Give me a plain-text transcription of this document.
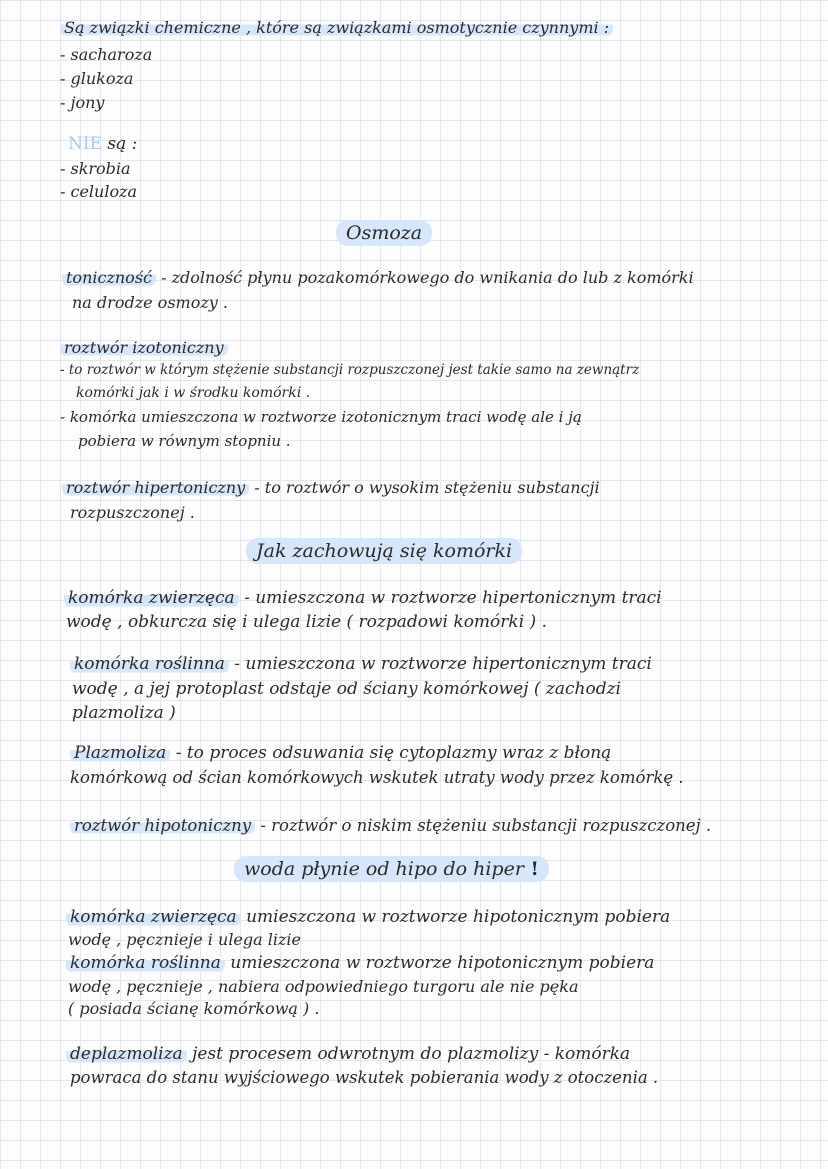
Są związki chemiczne , które są związkami osmotycznie czynnymi :
- sacharoza
- glukoza
- jony
NIE są :
- skrobia
- celuloza
Osmoza
toniczność - zdolność płynu pozakomórkowego do wnikania do lub z komórki
na drodze osmozy .
roztwór izotoniczny
- to roztwór w którym stężenie substancji rozpuszczonej jest takie samo na zewnątrz
komórki jak i w środku komórki .
- komórka umieszczona w roztworze izotonicznym traci wodę ale i ją
pobiera w równym stopniu .
roztwór hipertoniczny - to roztwór o wysokim stężeniu substancji
rozpuszczonej .
Jak zachowują się komórki
komórka zwierzęca - umieszczona w roztworze hipertonicznym traci
wodę , obkurcza się i ulega lizie ( rozpadowi komórki ) .
komórka roślinna - umieszczona w roztworze hipertonicznym traci
wodę , a jej protoplast odstaje od ściany komórkowej ( zachodzi
plazmoliza )
Plazmoliza - to proces odsuwania się cytoplazmy wraz z błoną
komórkową od ścian komórkowych wskutek utraty wody przez komórkę .
roztwór hipotoniczny - roztwór o niskim stężeniu substancji rozpuszczonej .
woda płynie od hipo do hiper !
komórka zwierzęca umieszczona w roztworze hipotonicznym pobiera
wodę , pęcznieje i ulega lizie
komórka roślinna umieszczona w roztworze hipotonicznym pobiera
wodę , pęcznieje , nabiera odpowiedniego turgoru ale nie pęka
( posiada ścianę komórkową ) .
deplazmoliza jest procesem odwrotnym do plazmolizy - komórka
powraca do stanu wyjściowego wskutek pobierania wody z otoczenia .
